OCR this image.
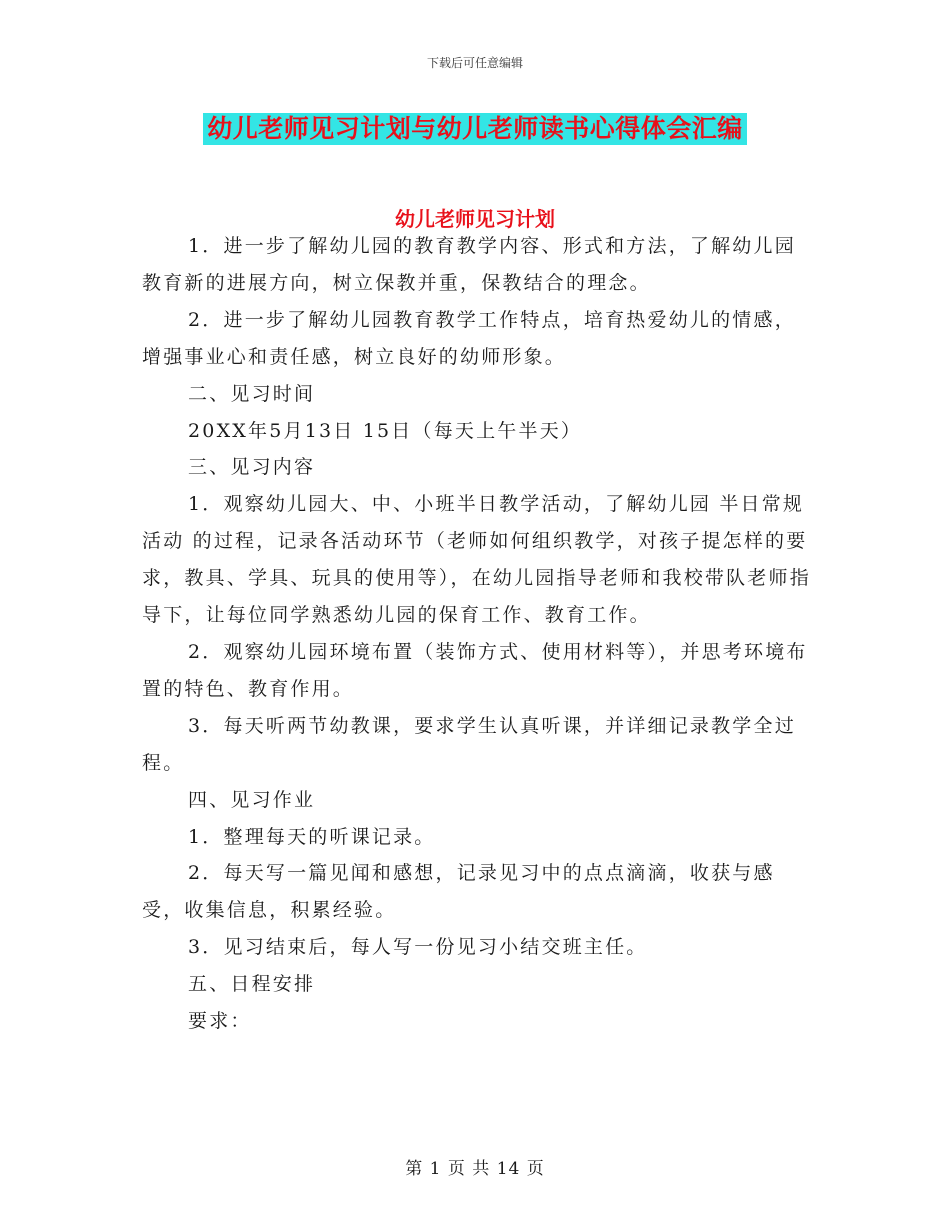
下载后可任意编辑
幼儿老师见习计划与幼儿老师读书心得体会汇编
幼儿老师见习计划

1．进一步了解幼儿园的教育教学内容、形式和方法，了解幼儿园教育新的进展方向，树立保教并重，保教结合的理念。

2．进一步了解幼儿园教育教学工作特点，培育热爱幼儿的情感，增强事业心和责任感，树立良好的幼师形象。

二、见习时间

20XX年5月13日 15日（每天上午半天）

三、见习内容

1．观察幼儿园大、中、小班半日教学活动，了解幼儿园 半日常规活动 的过程，记录各活动环节（老师如何组织教学，对孩子提怎样的要求，教具、学具、玩具的使用等），在幼儿园指导老师和我校带队老师指导下，让每位同学熟悉幼儿园的保育工作、教育工作。

2．观察幼儿园环境布置（装饰方式、使用材料等），并思考环境布置的特色、教育作用。

3．每天听两节幼教课，要求学生认真听课，并详细记录教学全过程。

四、见习作业

1．整理每天的听课记录。

2．每天写一篇见闻和感想，记录见习中的点点滴滴，收获与感受，收集信息，积累经验。

3．见习结束后，每人写一份见习小结交班主任。

五、日程安排

要求：

第 1 页 共 14 页
